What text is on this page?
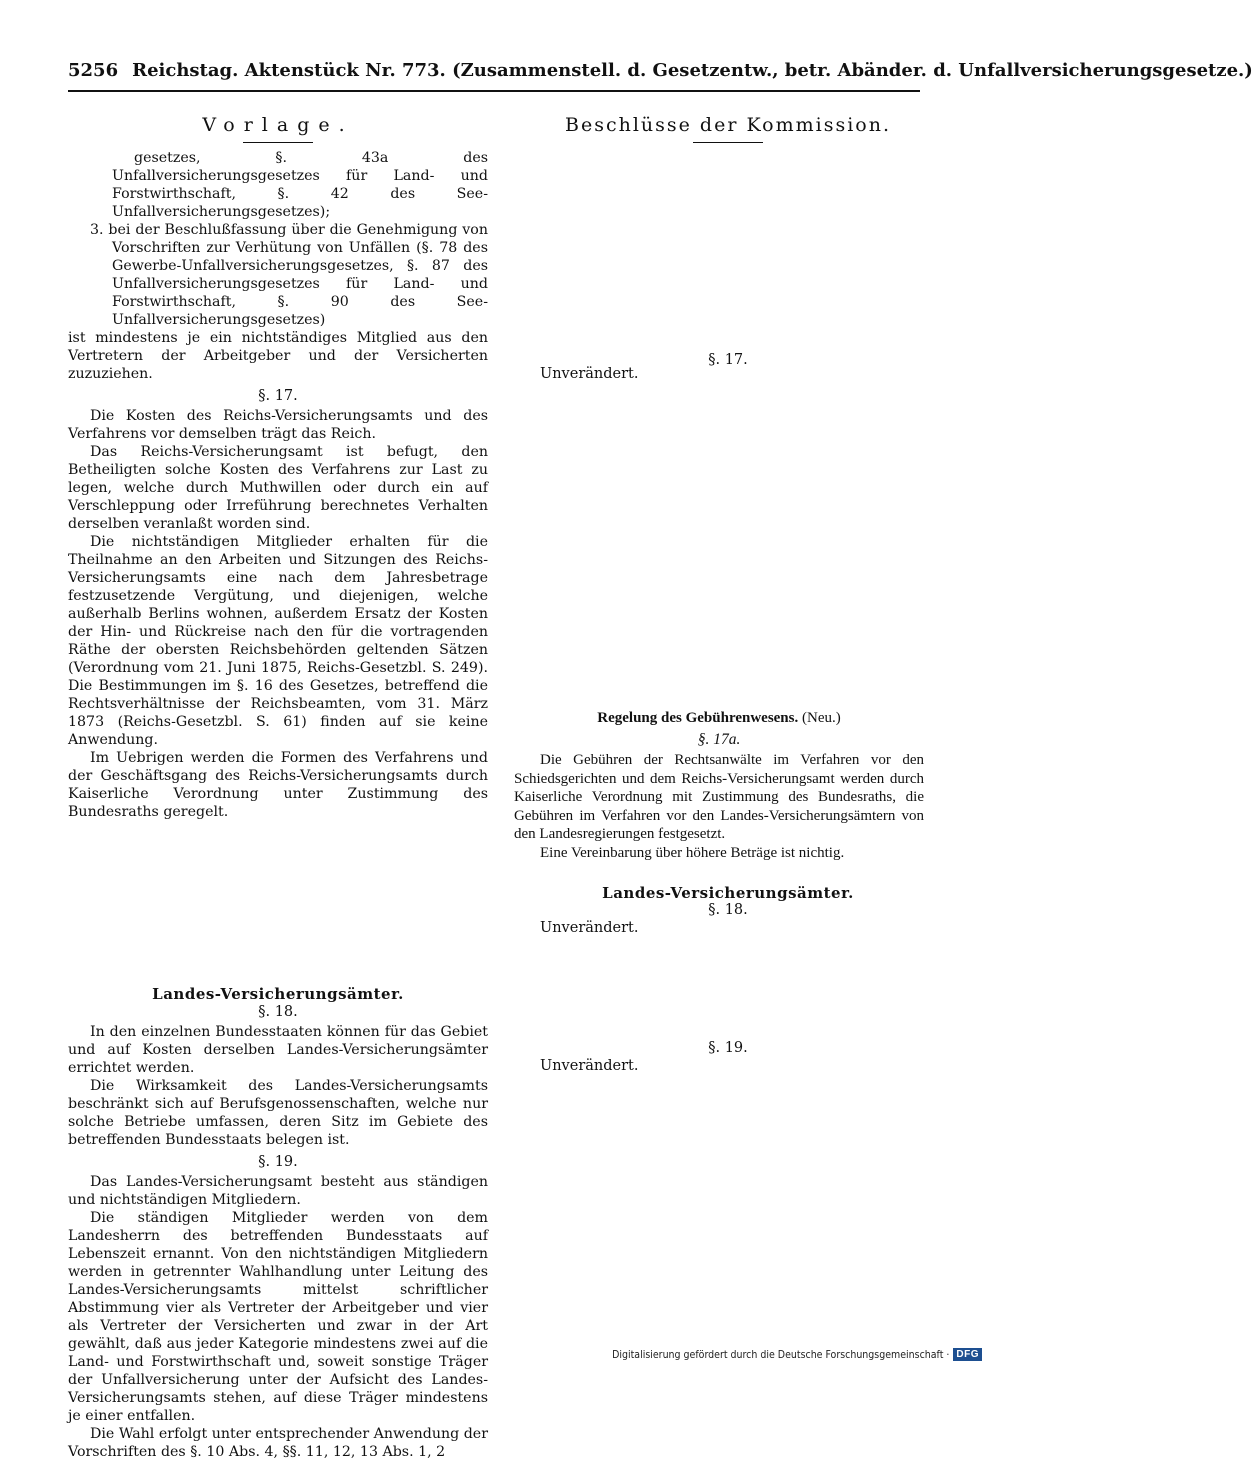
5256 Reichstag. Aktenstück Nr. 773. (Zusammenstell. d. Gesetzentw., betr. Abänder. d. Unfallversicherungsgesetze.)
Vorlage.

gesetzes, §. 43a des Unfallversicherungsgesetzes für Land- und Forstwirthschaft, §. 42 des See-Unfallversicherungsgesetzes);

3. bei der Beschlußfassung über die Genehmigung von Vorschriften zur Verhütung von Unfällen (§. 78 des Gewerbe-Unfallversicherungsgesetzes, §. 87 des Unfallversicherungsgesetzes für Land- und Forstwirthschaft, §. 90 des See-Unfallversicherungsgesetzes)

ist mindestens je ein nichtständiges Mitglied aus den Vertretern der Arbeitgeber und der Versicherten zuzuziehen.

§. 17.

Die Kosten des Reichs-Versicherungsamts und des Verfahrens vor demselben trägt das Reich.

Das Reichs-Versicherungsamt ist befugt, den Betheiligten solche Kosten des Verfahrens zur Last zu legen, welche durch Muthwillen oder durch ein auf Verschleppung oder Irreführung berechnetes Verhalten derselben veranlaßt worden sind.

Die nichtständigen Mitglieder erhalten für die Theilnahme an den Arbeiten und Sitzungen des Reichs-Versicherungsamts eine nach dem Jahresbetrage festzusetzende Vergütung, und diejenigen, welche außerhalb Berlins wohnen, außerdem Ersatz der Kosten der Hin- und Rückreise nach den für die vortragenden Räthe der obersten Reichsbehörden geltenden Sätzen (Verordnung vom 21. Juni 1875, Reichs-Gesetzbl. S. 249). Die Bestimmungen im §. 16 des Gesetzes, betreffend die Rechtsverhältnisse der Reichsbeamten, vom 31. März 1873 (Reichs-Gesetzbl. S. 61) finden auf sie keine Anwendung.

Im Uebrigen werden die Formen des Verfahrens und der Geschäftsgang des Reichs-Versicherungsamts durch Kaiserliche Verordnung unter Zustimmung des Bundesraths geregelt.

Landes-Versicherungsämter.
§. 18.

In den einzelnen Bundesstaaten können für das Gebiet und auf Kosten derselben Landes-Versicherungsämter errichtet werden.

Die Wirksamkeit des Landes-Versicherungsamts beschränkt sich auf Berufsgenossenschaften, welche nur solche Betriebe umfassen, deren Sitz im Gebiete des betreffenden Bundesstaats belegen ist.

§. 19.

Das Landes-Versicherungsamt besteht aus ständigen und nichtständigen Mitgliedern.

Die ständigen Mitglieder werden von dem Landesherrn des betreffenden Bundesstaats auf Lebenszeit ernannt. Von den nichtständigen Mitgliedern werden in getrennter Wahlhandlung unter Leitung des Landes-Versicherungsamts mittelst schriftlicher Abstimmung vier als Vertreter der Arbeitgeber und vier als Vertreter der Versicherten und zwar in der Art gewählt, daß aus jeder Kategorie mindestens zwei auf die Land- und Forstwirthschaft und, soweit sonstige Träger der Unfallversicherung unter der Aufsicht des Landes-Versicherungsamts stehen, auf diese Träger mindestens je einer entfallen.

Die Wahl erfolgt unter entsprechender Anwendung der Vorschriften des §. 10 Abs. 4, §§. 11, 12, 13 Abs. 1, 2

Beschlüsse der Kommission.
§. 17.
Unverändert.
Regelung des Gebührenwesens. (Neu.)
§. 17a.

Die Gebühren der Rechtsanwälte im Verfahren vor den Schiedsgerichten und dem Reichs-Versicherungsamt werden durch Kaiserliche Verordnung mit Zustimmung des Bundesraths, die Gebühren im Verfahren vor den Landes-Versicherungsämtern von den Landesregierungen festgesetzt.

Eine Vereinbarung über höhere Beträge ist nichtig.

Landes-Versicherungsämter.
§. 18.
Unverändert.
§. 19.
Unverändert.
Digitalisierung gefördert durch die Deutsche Forschungsgemeinschaft · DFG
